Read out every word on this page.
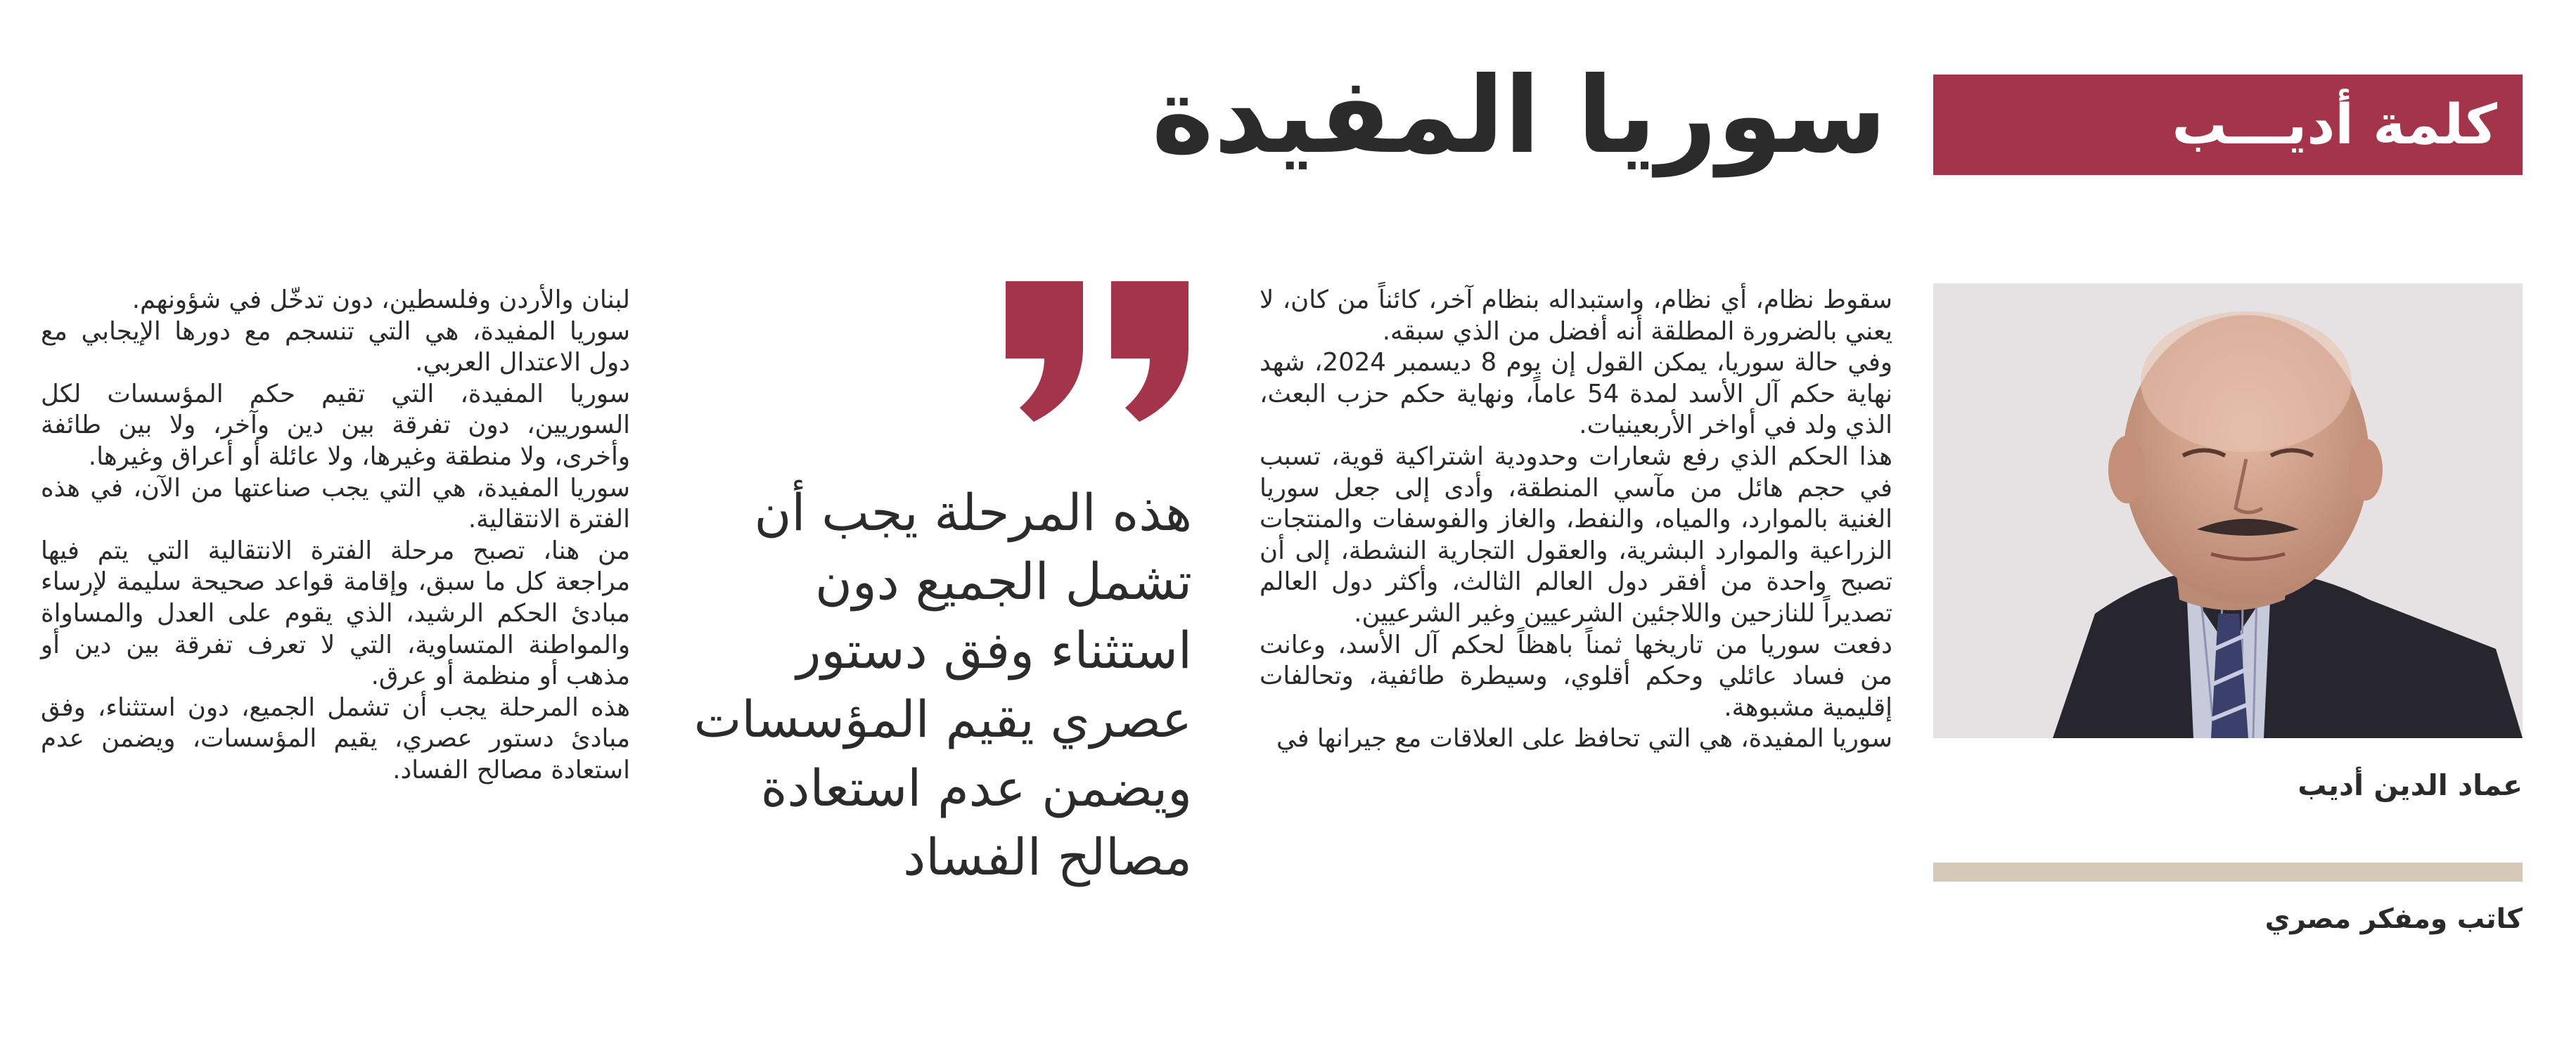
كلمة أديـــب
سوريا المفيدة
عماد الدين أديب
كاتب ومفكر مصري

سقوط نظام، أي نظام، واستبداله بنظام آخر، كائناً من كان، لا يعني بالضرورة المطلقة أنه أفضل من الذي سبقه.

وفي حالة سوريا، يمكن القول إن يوم 8 ديسمبر 2024، شهد نهاية حكم آل الأسد لمدة 54 عاماً، ونهاية حكم حزب البعث، الذي ولد في أواخر الأربعينيات.

هذا الحكم الذي رفع شعارات وحدودية اشتراكية قوية، تسبب في حجم هائل من مآسي المنطقة، وأدى إلى جعل سوريا الغنية بالموارد، والمياه، والنفط، والغاز والفوسفات والمنتجات الزراعية والموارد البشرية، والعقول التجارية النشطة، إلى أن تصبح واحدة من أفقر دول العالم الثالث، وأكثر دول العالم تصديراً للنازحين واللاجئين الشرعيين وغير الشرعيين.

دفعت سوريا من تاريخها ثمناً باهظاً لحكم آل الأسد، وعانت من فساد عائلي وحكم أقلوي، وسيطرة طائفية، وتحالفات إقليمية مشبوهة.

سوريا المفيدة، هي التي تحافظ على العلاقات مع جيرانها في

هذه المرحلة يجب أن
تشمل الجميع دون
استثناء وفق دستور
عصري يقيم المؤسسات
ويضمن عدم استعادة
مصالح الفساد

لبنان والأردن وفلسطين، دون تدخّل في شؤونهم.

سوريا المفيدة، هي التي تنسجم مع دورها الإيجابي مع دول الاعتدال العربي.

سوريا المفيدة، التي تقيم حكم المؤسسات لكل السوريين، دون تفرقة بين دين وآخر، ولا بين طائفة وأخرى، ولا منطقة وغيرها، ولا عائلة أو أعراق وغيرها.

سوريا المفيدة، هي التي يجب صناعتها من الآن، في هذه الفترة الانتقالية.

من هنا، تصبح مرحلة الفترة الانتقالية التي يتم فيها مراجعة كل ما سبق، وإقامة قواعد صحيحة سليمة لإرساء مبادئ الحكم الرشيد، الذي يقوم على العدل والمساواة والمواطنة المتساوية، التي لا تعرف تفرقة بين دين أو مذهب أو منظمة أو عرق.

هذه المرحلة يجب أن تشمل الجميع، دون استثناء، وفق مبادئ دستور عصري، يقيم المؤسسات، ويضمن عدم استعادة مصالح الفساد.
